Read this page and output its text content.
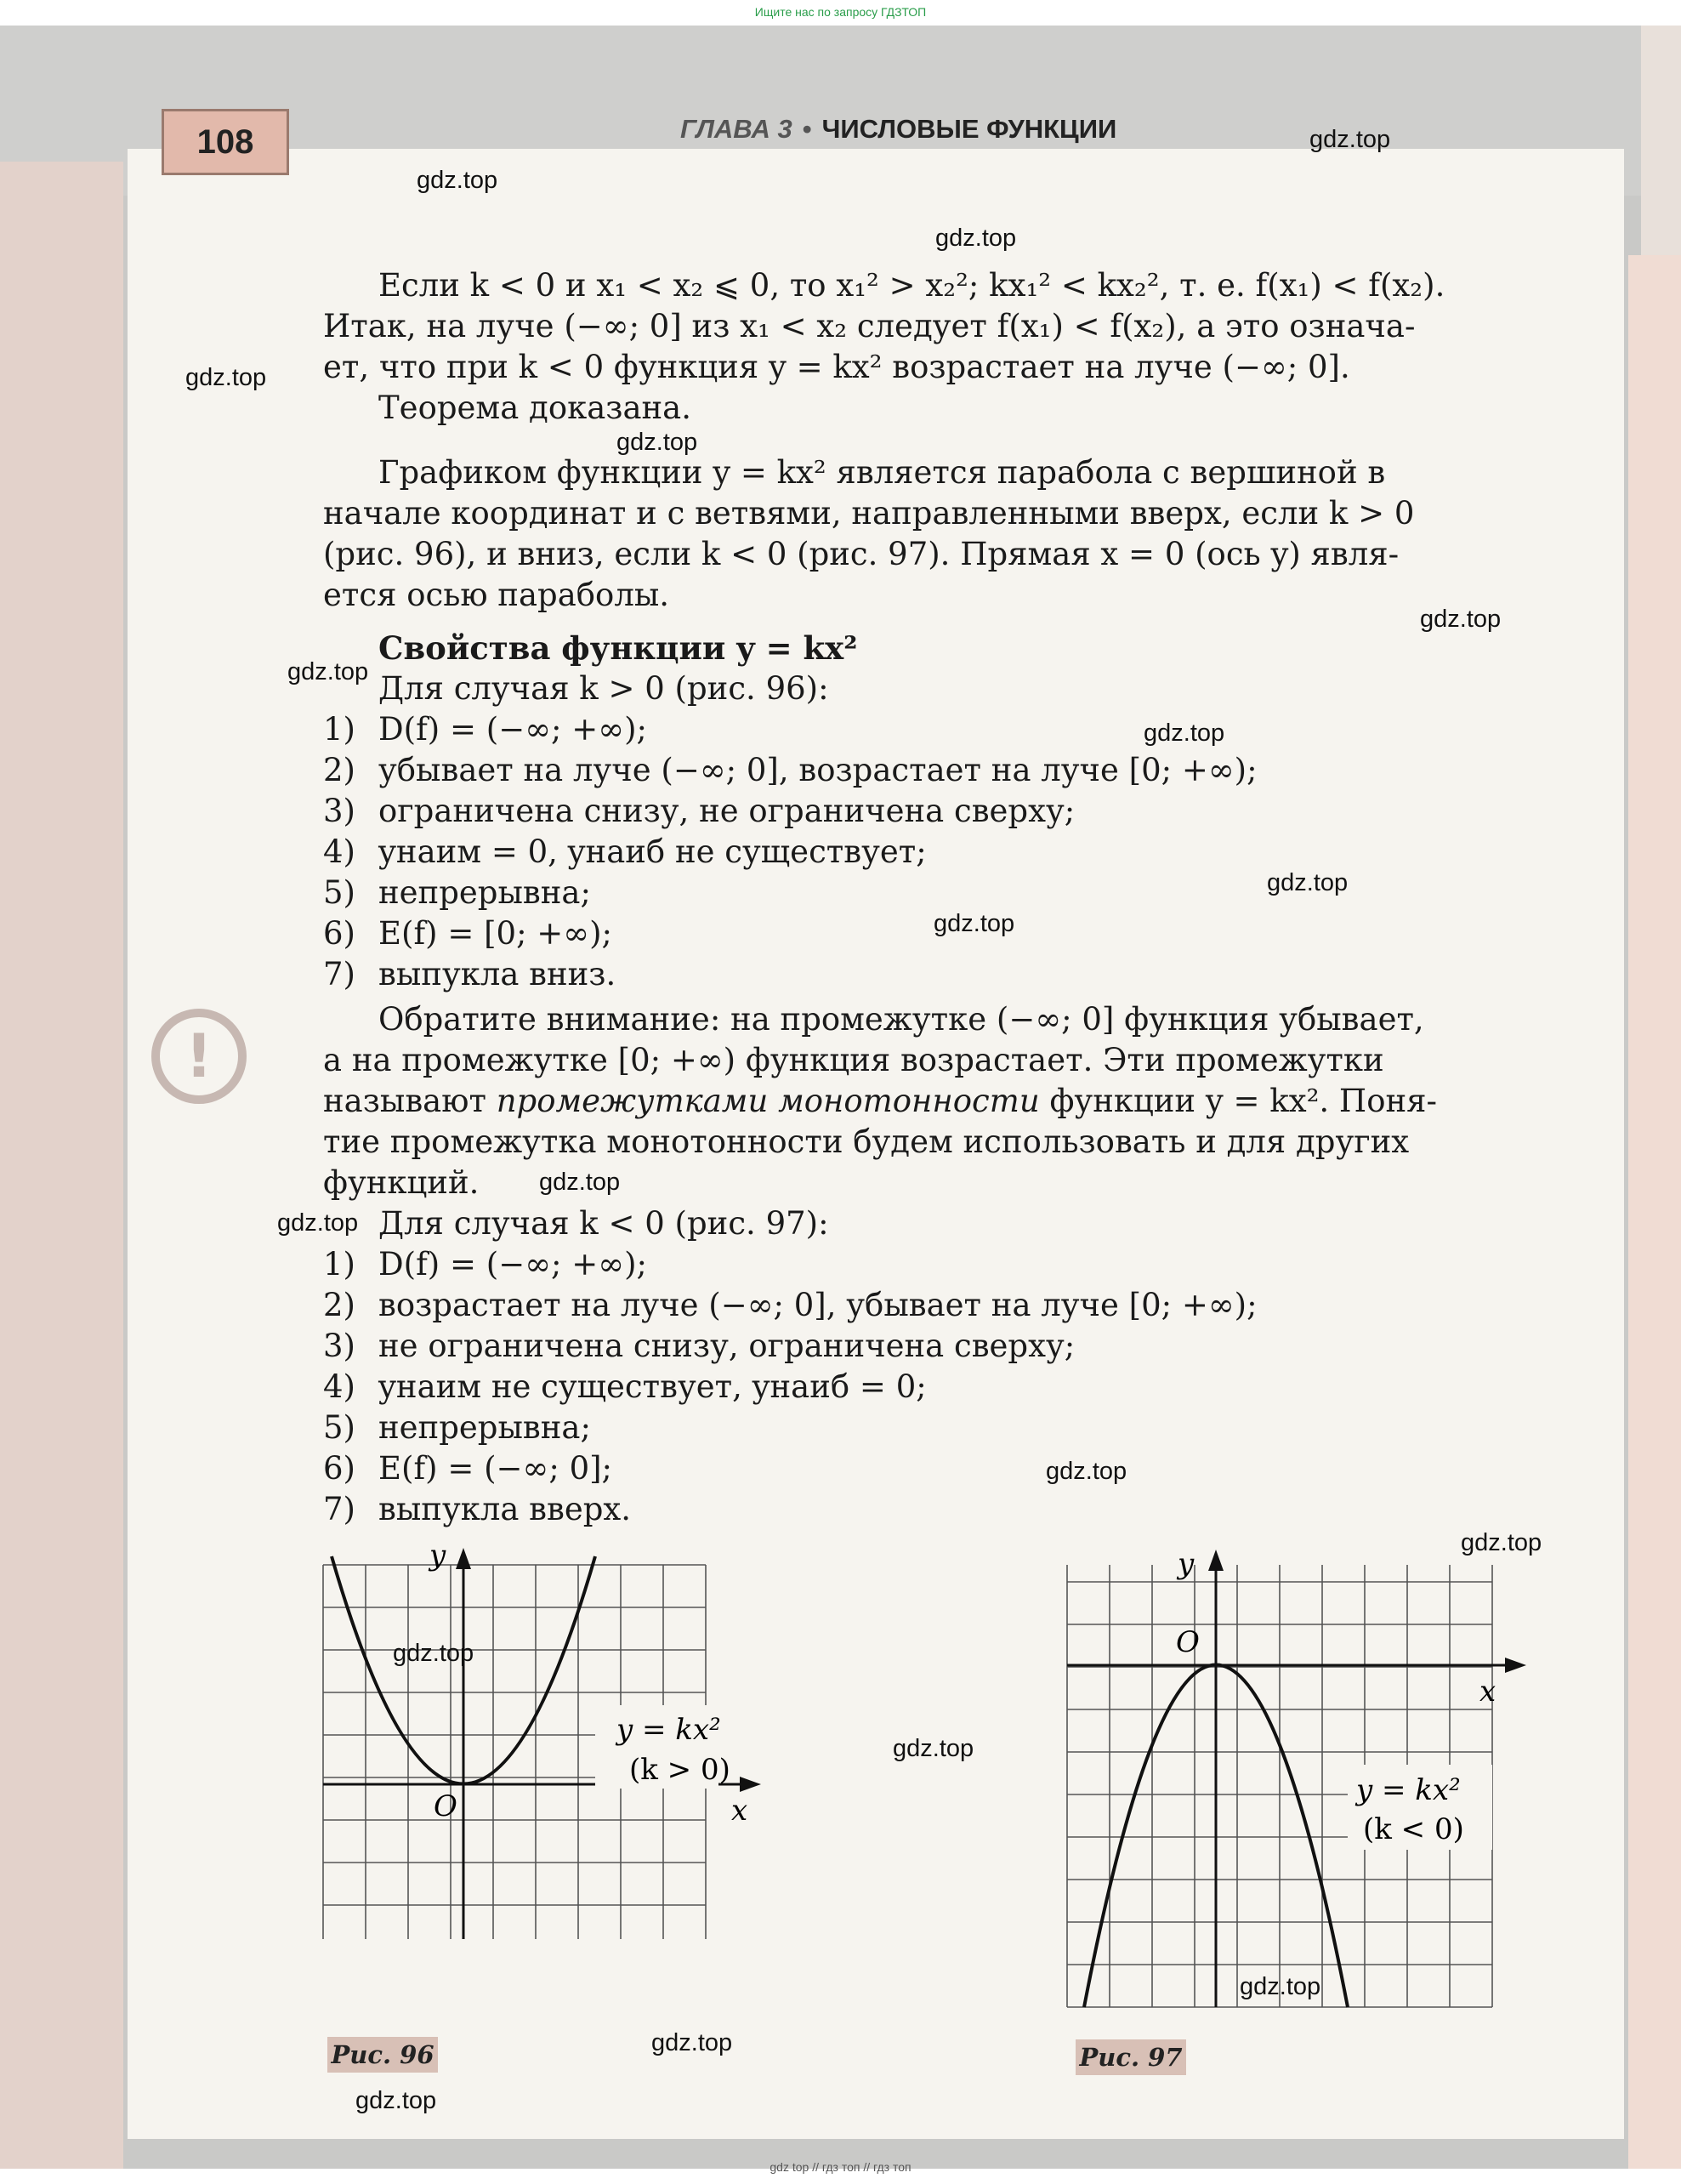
Ищите нас по запросу ГДЗТОП
108	ГЛАВА 3 • ЧИСЛОВЫЕ ФУНКЦИИ
Если k < 0 и x₁ < x₂ ⩽ 0, то x₁² > x₂²; kx₁² < kx₂², т. е. f(x₁) < f(x₂).
Итак, на луче (−∞; 0] из x₁ < x₂ следует f(x₁) < f(x₂), а это означа-
ет, что при k < 0 функция y = kx² возрастает на луче (−∞; 0].
Теорема доказана.
Графиком функции y = kx² является парабола с вершиной в
начале координат и с ветвями, направленными вверх, если k > 0
(рис. 96), и вниз, если k < 0 (рис. 97). Прямая x = 0 (ось y) явля-
ется осью параболы.
Свойства функции y = kx²
Для случая k > 0 (рис. 96):
1) D(f) = (−∞; +∞);
2) убывает на луче (−∞; 0], возрастает на луче [0; +∞);
3) ограничена снизу, не ограничена сверху;
4) yнаим = 0, yнаиб не существует;
5) непрерывна;
6) E(f) = [0; +∞);
7) выпукла вниз.
!
Обратите внимание: на промежутке (−∞; 0] функция убывает,
а на промежутке [0; +∞) функция возрастает. Эти промежутки
называют промежутками монотонности функции y = kx². Поня-
тие промежутка монотонности будем использовать и для других
функций.
Для случая k < 0 (рис. 97):
1) D(f) = (−∞; +∞);
2) возрастает на луче (−∞; 0], убывает на луче [0; +∞);
3) не ограничена снизу, ограничена сверху;
4) yнаим не существует, yнаиб = 0;
5) непрерывна;
6) E(f) = (−∞; 0];
7) выпукла вверх.
y
x
O
y = kx²
(k > 0)
Рис. 96
y
x
O
y = kx²
(k < 0)
Рис. 97
gdz.top
gdz.top
gdz.top
gdz.top
gdz.top
gdz.top
gdz.top
gdz.top
gdz.top
gdz.top
gdz.top
gdz.top
gdz.top
gdz.top
gdz.top
gdz.top
gdz.top
gdz.top
gdz.top
gdz top // гдз топ // гдз топ
